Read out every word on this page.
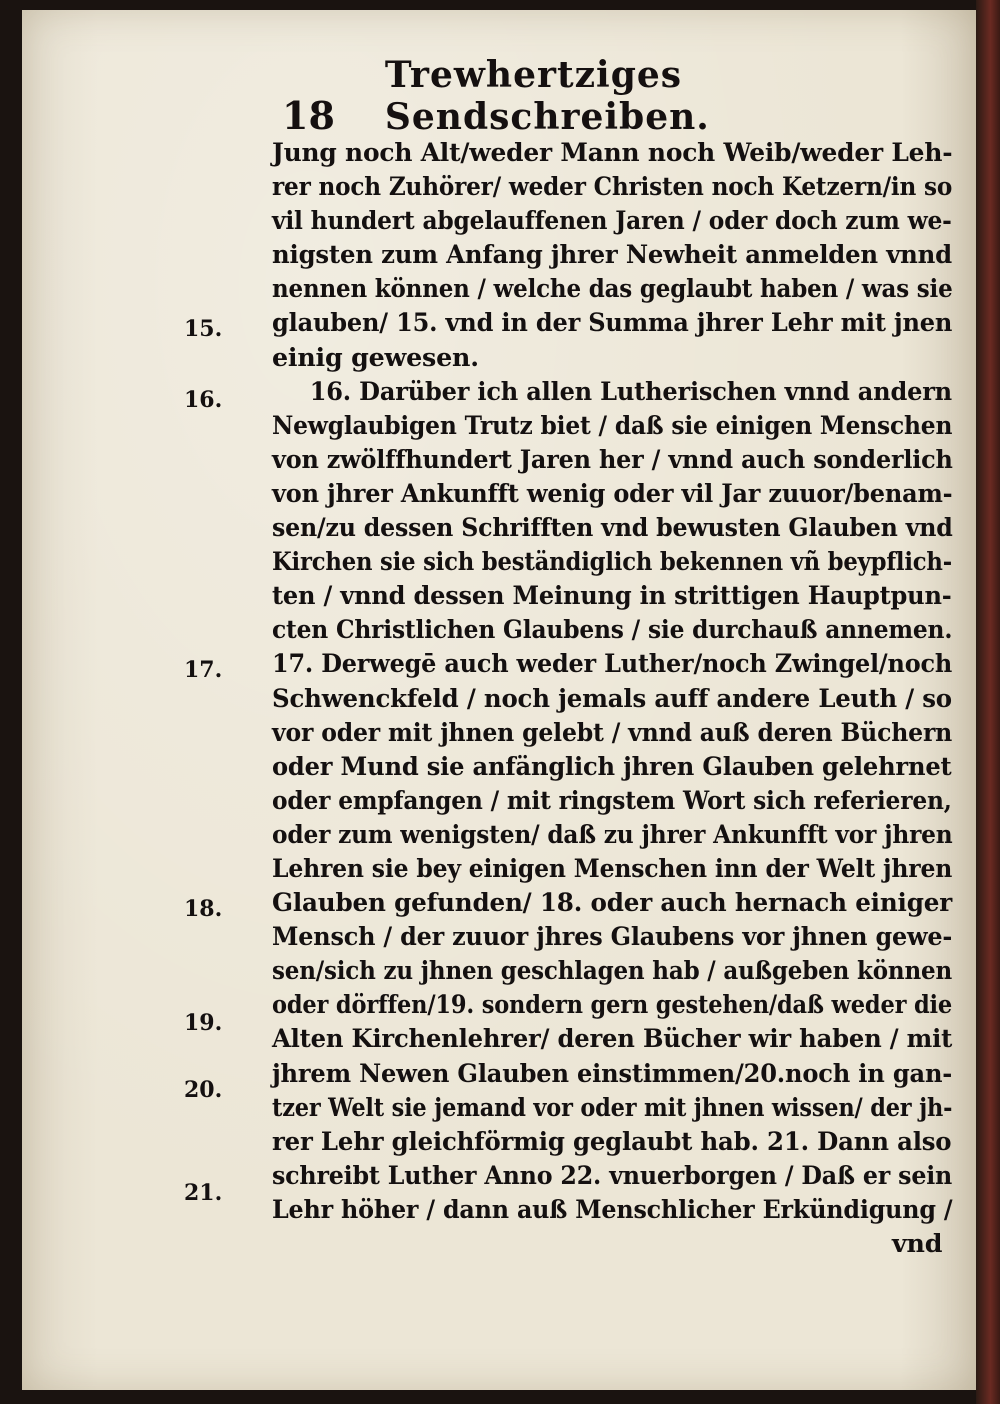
18
Trewhertziges Sendschreiben.
Jung noch Alt/weder Mann noch Weib/weder Leh-
rer noch Zuhörer/ weder Christen noch Ketzern/in so
vil hundert abgelauffenen Jaren / oder doch zum we-
nigsten zum Anfang jhrer Newheit anmelden vnnd
nennen können / welche das geglaubt haben / was sie
glauben/ 15. vnd in der Summa jhrer Lehr mit jnen
einig gewesen.
16. Darüber ich allen Lutherischen vnnd andern
Newglaubigen Trutz biet / daß sie einigen Menschen
von zwölffhundert Jaren her / vnnd auch sonderlich
von jhrer Ankunfft wenig oder vil Jar zuuor/benam-
sen/zu dessen Schrifften vnd bewusten Glauben vnd
Kirchen sie sich beständiglich bekennen vñ beypflich-
ten / vnnd dessen Meinung in strittigen Hauptpun-
cten Christlichen Glaubens / sie durchauß annemen.
17. Derwegē auch weder Luther/noch Zwingel/noch
Schwenckfeld / noch jemals auff andere Leuth / so
vor oder mit jhnen gelebt / vnnd auß deren Büchern
oder Mund sie anfänglich jhren Glauben gelehrnet
oder empfangen / mit ringstem Wort sich referieren,
oder zum wenigsten/ daß zu jhrer Ankunfft vor jhren
Lehren sie bey einigen Menschen inn der Welt jhren
Glauben gefunden/ 18. oder auch hernach einiger
Mensch / der zuuor jhres Glaubens vor jhnen gewe-
sen/sich zu jhnen geschlagen hab / außgeben können
oder dörffen/19. sondern gern gestehen/daß weder die
Alten Kirchenlehrer/ deren Bücher wir haben / mit
jhrem Newen Glauben einstimmen/20.noch in gan-
tzer Welt sie jemand vor oder mit jhnen wissen/ der jh-
rer Lehr gleichförmig geglaubt hab. 21. Dann also
schreibt Luther Anno 22. vnuerborgen / Daß er sein
Lehr höher / dann auß Menschlicher Erkündigung /
vnd
15.
16.
17.
18.
19.
20.
21.
